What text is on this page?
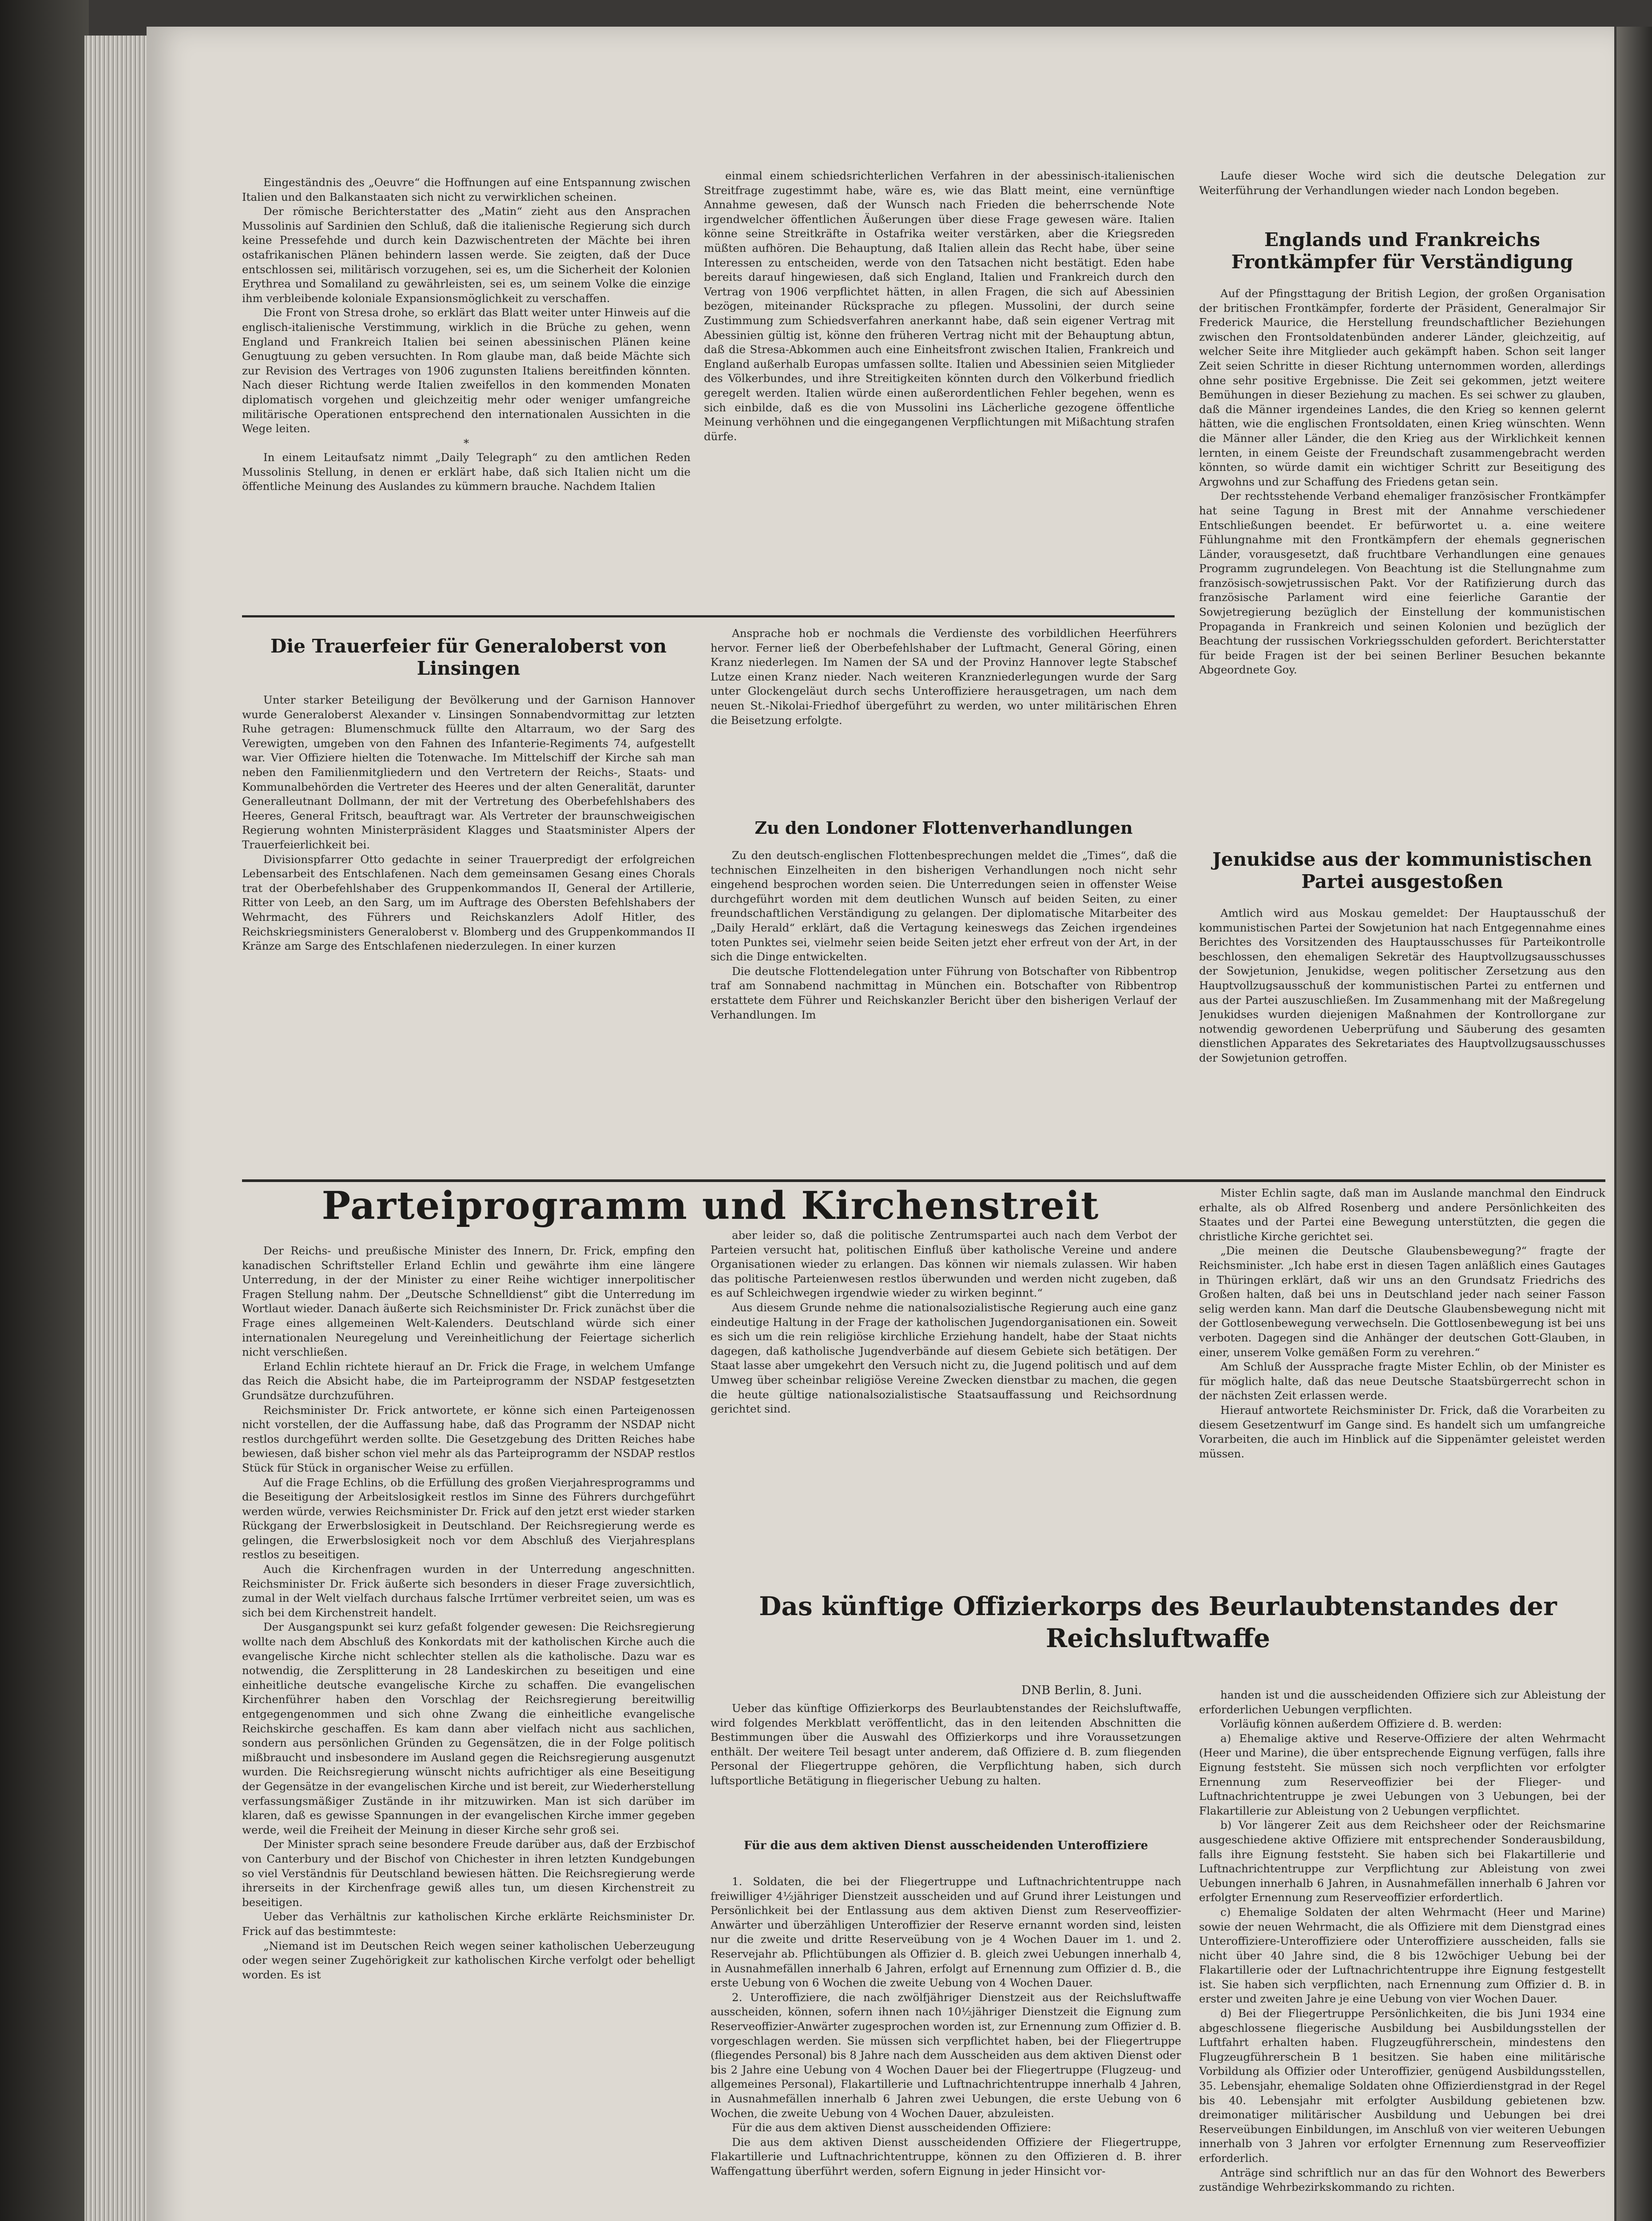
Eingeständnis des „Oeuvre“ die Hoffnungen auf eine Entspannung zwischen Italien und den Balkanstaaten sich nicht zu verwirklichen scheinen.

Der römische Berichterstatter des „Matin“ zieht aus den Ansprachen Mussolinis auf Sardinien den Schluß, daß die italienische Regierung sich durch keine Pressefehde und durch kein Dazwischentreten der Mächte bei ihren ostafrikanischen Plänen behindern lassen werde. Sie zeigten, daß der Duce entschlossen sei, militärisch vorzugehen, sei es, um die Sicherheit der Kolonien Erythrea und Somaliland zu gewährleisten, sei es, um seinem Volke die einzige ihm verbleibende koloniale Expansionsmöglichkeit zu verschaffen.

Die Front von Stresa drohe, so erklärt das Blatt weiter unter Hinweis auf die englisch-italienische Verstimmung, wirklich in die Brüche zu gehen, wenn England und Frankreich Italien bei seinen abessinischen Plänen keine Genugtuung zu geben versuchten. In Rom glaube man, daß beide Mächte sich zur Revision des Vertrages von 1906 zugunsten Italiens bereitfinden könnten. Nach dieser Richtung werde Italien zweifellos in den kommenden Monaten diplomatisch vorgehen und gleichzeitig mehr oder weniger umfangreiche militärische Operationen entsprechend den internationalen Aussichten in die Wege leiten.

*

In einem Leitaufsatz nimmt „Daily Telegraph“ zu den amtlichen Reden Mussolinis Stellung, in denen er erklärt habe, daß sich Italien nicht um die öffentliche Meinung des Auslandes zu kümmern brauche. Nachdem Italien

einmal einem schiedsrichterlichen Verfahren in der abessinisch-italienischen Streitfrage zugestimmt habe, wäre es, wie das Blatt meint, eine vernünftige Annahme gewesen, daß der Wunsch nach Frieden die beherrschende Note irgendwelcher öffentlichen Äußerungen über diese Frage gewesen wäre. Italien könne seine Streitkräfte in Ostafrika weiter verstärken, aber die Kriegsreden müßten aufhören. Die Behauptung, daß Italien allein das Recht habe, über seine Interessen zu entscheiden, werde von den Tatsachen nicht bestätigt. Eden habe bereits darauf hingewiesen, daß sich England, Italien und Frankreich durch den Vertrag von 1906 verpflichtet hätten, in allen Fragen, die sich auf Abessinien bezögen, miteinander Rücksprache zu pflegen. Mussolini, der durch seine Zustimmung zum Schiedsverfahren anerkannt habe, daß sein eigener Vertrag mit Abessinien gültig ist, könne den früheren Vertrag nicht mit der Behauptung abtun, daß die Stresa-Abkommen auch eine Einheitsfront zwischen Italien, Frankreich und England außerhalb Europas umfassen sollte. Italien und Abessinien seien Mitglieder des Völkerbundes, und ihre Streitigkeiten könnten durch den Völkerbund friedlich geregelt werden. Italien würde einen außerordentlichen Fehler begehen, wenn es sich einbilde, daß es die von Mussolini ins Lächerliche gezogene öffentliche Meinung verhöhnen und die eingegangenen Verpflichtungen mit Mißachtung strafen dürfe.

Laufe dieser Woche wird sich die deutsche Delegation zur Weiterführung der Verhandlungen wieder nach London begeben.

Englands und Frankreichs Frontkämpfer für Verständigung

Auf der Pfingsttagung der British Legion, der großen Organisation der britischen Frontkämpfer, forderte der Präsident, Generalmajor Sir Frederick Maurice, die Herstellung freundschaftlicher Beziehungen zwischen den Frontsoldatenbünden anderer Länder, gleichzeitig, auf welcher Seite ihre Mitglieder auch gekämpft haben. Schon seit langer Zeit seien Schritte in dieser Richtung unternommen worden, allerdings ohne sehr positive Ergebnisse. Die Zeit sei gekommen, jetzt weitere Bemühungen in dieser Beziehung zu machen. Es sei schwer zu glauben, daß die Männer irgendeines Landes, die den Krieg so kennen gelernt hätten, wie die englischen Frontsoldaten, einen Krieg wünschten. Wenn die Männer aller Länder, die den Krieg aus der Wirklichkeit kennen lernten, in einem Geiste der Freundschaft zusammengebracht werden könnten, so würde damit ein wichtiger Schritt zur Beseitigung des Argwohns und zur Schaffung des Friedens getan sein.

Der rechtsstehende Verband ehemaliger französischer Frontkämpfer hat seine Tagung in Brest mit der Annahme verschiedener Entschließungen beendet. Er befürwortet u. a. eine weitere Fühlungnahme mit den Frontkämpfern der ehemals gegnerischen Länder, vorausgesetzt, daß fruchtbare Verhandlungen eine genaues Programm zugrundelegen. Von Beachtung ist die Stellungnahme zum französisch-sowjetrussischen Pakt. Vor der Ratifizierung durch das französische Parlament wird eine feierliche Garantie der Sowjetregierung bezüglich der Einstellung der kommunistischen Propaganda in Frankreich und seinen Kolonien und bezüglich der Beachtung der russischen Vorkriegsschulden gefordert. Berichterstatter für beide Fragen ist der bei seinen Berliner Besuchen bekannte Abgeordnete Goy.

Jenukidse aus der kommunistischen Partei ausgestoßen

Amtlich wird aus Moskau gemeldet: Der Hauptausschuß der kommunistischen Partei der Sowjetunion hat nach Entgegennahme eines Berichtes des Vorsitzenden des Hauptausschusses für Parteikontrolle beschlossen, den ehemaligen Sekretär des Hauptvollzugsausschusses der Sowjetunion, Jenukidse, wegen politischer Zersetzung aus den Hauptvollzugsausschuß der kommunistischen Partei zu entfernen und aus der Partei auszuschließen. Im Zusammenhang mit der Maßregelung Jenukidses wurden diejenigen Maßnahmen der Kontrollorgane zur notwendig gewordenen Ueberprüfung und Säuberung des gesamten dienstlichen Apparates des Sekretariates des Hauptvollzugsausschusses der Sowjetunion getroffen.

Die Trauerfeier für Generaloberst von Linsingen

Unter starker Beteiligung der Bevölkerung und der Garnison Hannover wurde Generaloberst Alexander v. Linsingen Sonnabendvormittag zur letzten Ruhe getragen: Blumenschmuck füllte den Altarraum, wo der Sarg des Verewigten, umgeben von den Fahnen des Infanterie-Regiments 74, aufgestellt war. Vier Offiziere hielten die Totenwache. Im Mittelschiff der Kirche sah man neben den Familienmitgliedern und den Vertretern der Reichs-, Staats- und Kommunalbehörden die Vertreter des Heeres und der alten Generalität, darunter Generalleutnant Dollmann, der mit der Vertretung des Oberbefehlshabers des Heeres, General Fritsch, beauftragt war. Als Vertreter der braunschweigischen Regierung wohnten Ministerpräsident Klagges und Staatsminister Alpers der Trauerfeierlichkeit bei.

Divisionspfarrer Otto gedachte in seiner Trauerpredigt der erfolgreichen Lebensarbeit des Entschlafenen. Nach dem gemeinsamen Gesang eines Chorals trat der Oberbefehlshaber des Gruppenkommandos II, General der Artillerie, Ritter von Leeb, an den Sarg, um im Auftrage des Obersten Befehlshabers der Wehrmacht, des Führers und Reichskanzlers Adolf Hitler, des Reichskriegsministers Generaloberst v. Blomberg und des Gruppenkommandos II Kränze am Sarge des Entschlafenen niederzulegen. In einer kurzen

Ansprache hob er nochmals die Verdienste des vorbildlichen Heerführers hervor. Ferner ließ der Oberbefehlshaber der Luftmacht, General Göring, einen Kranz niederlegen. Im Namen der SA und der Provinz Hannover legte Stabschef Lutze einen Kranz nieder. Nach weiteren Kranzniederlegungen wurde der Sarg unter Glockengeläut durch sechs Unteroffiziere herausgetragen, um nach dem neuen St.-Nikolai-Friedhof übergeführt zu werden, wo unter militärischen Ehren die Beisetzung erfolgte.

Zu den Londoner Flottenverhandlungen

Zu den deutsch-englischen Flottenbesprechungen meldet die „Times“, daß die technischen Einzelheiten in den bisherigen Verhandlungen noch nicht sehr eingehend besprochen worden seien. Die Unterredungen seien in offenster Weise durchgeführt worden mit dem deutlichen Wunsch auf beiden Seiten, zu einer freundschaftlichen Verständigung zu gelangen. Der diplomatische Mitarbeiter des „Daily Herald“ erklärt, daß die Vertagung keineswegs das Zeichen irgendeines toten Punktes sei, vielmehr seien beide Seiten jetzt eher erfreut von der Art, in der sich die Dinge entwickelten.

Die deutsche Flottendelegation unter Führung von Botschafter von Ribbentrop traf am Sonnabend nachmittag in München ein. Botschafter von Ribbentrop erstattete dem Führer und Reichskanzler Bericht über den bisherigen Verlauf der Verhandlungen. Im

Parteiprogramm und Kirchenstreit

Der Reichs- und preußische Minister des Innern, Dr. Frick, empfing den kanadischen Schriftsteller Erland Echlin und gewährte ihm eine längere Unterredung, in der der Minister zu einer Reihe wichtiger innerpolitischer Fragen Stellung nahm. Der „Deutsche Schnelldienst“ gibt die Unterredung im Wortlaut wieder. Danach äußerte sich Reichsminister Dr. Frick zunächst über die Frage eines allgemeinen Welt-Kalenders. Deutschland würde sich einer internationalen Neuregelung und Vereinheitlichung der Feiertage sicherlich nicht verschließen.

Erland Echlin richtete hierauf an Dr. Frick die Frage, in welchem Umfange das Reich die Absicht habe, die im Parteiprogramm der NSDAP festgesetzten Grundsätze durchzuführen.

Reichsminister Dr. Frick antwortete, er könne sich einen Parteigenossen nicht vorstellen, der die Auffassung habe, daß das Programm der NSDAP nicht restlos durchgeführt werden sollte. Die Gesetzgebung des Dritten Reiches habe bewiesen, daß bisher schon viel mehr als das Parteiprogramm der NSDAP restlos Stück für Stück in organischer Weise zu erfüllen.

Auf die Frage Echlins, ob die Erfüllung des großen Vierjahresprogramms und die Beseitigung der Arbeitslosigkeit restlos im Sinne des Führers durchgeführt werden würde, verwies Reichsminister Dr. Frick auf den jetzt erst wieder starken Rückgang der Erwerbslosigkeit in Deutschland. Der Reichsregierung werde es gelingen, die Erwerbslosigkeit noch vor dem Abschluß des Vierjahresplans restlos zu beseitigen.

Auch die Kirchenfragen wurden in der Unterredung angeschnitten. Reichsminister Dr. Frick äußerte sich besonders in dieser Frage zuversichtlich, zumal in der Welt vielfach durchaus falsche Irrtümer verbreitet seien, um was es sich bei dem Kirchenstreit handelt.

Der Ausgangspunkt sei kurz gefaßt folgender gewesen: Die Reichsregierung wollte nach dem Abschluß des Konkordats mit der katholischen Kirche auch die evangelische Kirche nicht schlechter stellen als die katholische. Dazu war es notwendig, die Zersplitterung in 28 Landeskirchen zu beseitigen und eine einheitliche deutsche evangelische Kirche zu schaffen. Die evangelischen Kirchenführer haben den Vorschlag der Reichsregierung bereitwillig entgegengenommen und sich ohne Zwang die einheitliche evangelische Reichskirche geschaffen. Es kam dann aber vielfach nicht aus sachlichen, sondern aus persönlichen Gründen zu Gegensätzen, die in der Folge politisch mißbraucht und insbesondere im Ausland gegen die Reichsregierung ausgenutzt wurden. Die Reichsregierung wünscht nichts aufrichtiger als eine Beseitigung der Gegensätze in der evangelischen Kirche und ist bereit, zur Wiederherstellung verfassungsmäßiger Zustände in ihr mitzuwirken. Man ist sich darüber im klaren, daß es gewisse Spannungen in der evangelischen Kirche immer gegeben werde, weil die Freiheit der Meinung in dieser Kirche sehr groß sei.

Der Minister sprach seine besondere Freude darüber aus, daß der Erzbischof von Canterbury und der Bischof von Chichester in ihren letzten Kundgebungen so viel Verständnis für Deutschland bewiesen hätten. Die Reichsregierung werde ihrerseits in der Kirchenfrage gewiß alles tun, um diesen Kirchenstreit zu beseitigen.

Ueber das Verhältnis zur katholischen Kirche erklärte Reichsminister Dr. Frick auf das bestimmteste:

„Niemand ist im Deutschen Reich wegen seiner katholischen Ueberzeugung oder wegen seiner Zugehörigkeit zur katholischen Kirche verfolgt oder behelligt worden. Es ist

aber leider so, daß die politische Zentrumspartei auch nach dem Verbot der Parteien versucht hat, politischen Einfluß über katholische Vereine und andere Organisationen wieder zu erlangen. Das können wir niemals zulassen. Wir haben das politische Parteienwesen restlos überwunden und werden nicht zugeben, daß es auf Schleichwegen irgendwie wieder zu wirken beginnt.“

Aus diesem Grunde nehme die nationalsozialistische Regierung auch eine ganz eindeutige Haltung in der Frage der katholischen Jugendorganisationen ein. Soweit es sich um die rein religiöse kirchliche Erziehung handelt, habe der Staat nichts dagegen, daß katholische Jugendverbände auf diesem Gebiete sich betätigen. Der Staat lasse aber umgekehrt den Versuch nicht zu, die Jugend politisch und auf dem Umweg über scheinbar religiöse Vereine Zwecken dienstbar zu machen, die gegen die heute gültige nationalsozialistische Staatsauffassung und Reichsordnung gerichtet sind.

Mister Echlin sagte, daß man im Auslande manchmal den Eindruck erhalte, als ob Alfred Rosenberg und andere Persönlichkeiten des Staates und der Partei eine Bewegung unterstützten, die gegen die christliche Kirche gerichtet sei.

„Die meinen die Deutsche Glaubensbewegung?“ fragte der Reichsminister. „Ich habe erst in diesen Tagen anläßlich eines Gautages in Thüringen erklärt, daß wir uns an den Grundsatz Friedrichs des Großen halten, daß bei uns in Deutschland jeder nach seiner Fasson selig werden kann. Man darf die Deutsche Glaubensbewegung nicht mit der Gottlosenbewegung verwechseln. Die Gottlosenbewegung ist bei uns verboten. Dagegen sind die Anhänger der deutschen Gott-Glauben, in einer, unserem Volke gemäßen Form zu verehren.“

Am Schluß der Aussprache fragte Mister Echlin, ob der Minister es für möglich halte, daß das neue Deutsche Staatsbürgerrecht schon in der nächsten Zeit erlassen werde.

Hierauf antwortete Reichsminister Dr. Frick, daß die Vorarbeiten zu diesem Gesetzentwurf im Gange sind. Es handelt sich um umfangreiche Vorarbeiten, die auch im Hinblick auf die Sippenämter geleistet werden müssen.

Das künftige Offizierkorps des Beurlaubtenstandes der Reichsluftwaffe
DNB Berlin, 8. Juni.

Ueber das künftige Offizierkorps des Beurlaubtenstandes der Reichsluftwaffe, wird folgendes Merkblatt veröffentlicht, das in den leitenden Abschnitten die Bestimmungen über die Auswahl des Offizierkorps und ihre Voraussetzungen enthält. Der weitere Teil besagt unter anderem, daß Offiziere d. B. zum fliegenden Personal der Fliegertruppe gehören, die Verpflichtung haben, sich durch luftsportliche Betätigung in fliegerischer Uebung zu halten.

Für die aus dem aktiven Dienst ausscheidenden Unteroffiziere

1. Soldaten, die bei der Fliegertruppe und Luftnachrichtentruppe nach freiwilliger 4½jähriger Dienstzeit ausscheiden und auf Grund ihrer Leistungen und Persönlichkeit bei der Entlassung aus dem aktiven Dienst zum Reserveoffizier-Anwärter und überzähligen Unteroffizier der Reserve ernannt worden sind, leisten nur die zweite und dritte Reserveübung von je 4 Wochen Dauer im 1. und 2. Reservejahr ab. Pflichtübungen als Offizier d. B. gleich zwei Uebungen innerhalb 4, in Ausnahmefällen innerhalb 6 Jahren, erfolgt auf Ernennung zum Offizier d. B., die erste Uebung von 6 Wochen die zweite Uebung von 4 Wochen Dauer.

2. Unteroffiziere, die nach zwölfjähriger Dienstzeit aus der Reichsluftwaffe ausscheiden, können, sofern ihnen nach 10½jähriger Dienstzeit die Eignung zum Reserveoffizier-Anwärter zugesprochen worden ist, zur Ernennung zum Offizier d. B. vorgeschlagen werden. Sie müssen sich verpflichtet haben, bei der Fliegertruppe (fliegendes Personal) bis 8 Jahre nach dem Ausscheiden aus dem aktiven Dienst oder bis 2 Jahre eine Uebung von 4 Wochen Dauer bei der Fliegertruppe (Flugzeug- und allgemeines Personal), Flakartillerie und Luftnachrichtentruppe innerhalb 4 Jahren, in Ausnahmefällen innerhalb 6 Jahren zwei Uebungen, die erste Uebung von 6 Wochen, die zweite Uebung von 4 Wochen Dauer, abzuleisten.

Für die aus dem aktiven Dienst ausscheidenden Offiziere:

Die aus dem aktiven Dienst ausscheidenden Offiziere der Fliegertruppe, Flakartillerie und Luftnachrichtentruppe, können zu den Offizieren d. B. ihrer Waffengattung überführt werden, sofern Eignung in jeder Hinsicht vor-

handen ist und die ausscheidenden Offiziere sich zur Ableistung der erforderlichen Uebungen verpflichten.

Vorläufig können außerdem Offiziere d. B. werden:

a) Ehemalige aktive und Reserve-Offiziere der alten Wehrmacht (Heer und Marine), die über entsprechende Eignung verfügen, falls ihre Eignung feststeht. Sie müssen sich noch verpflichten vor erfolgter Ernennung zum Reserveoffizier bei der Flieger- und Luftnachrichtentruppe je zwei Uebungen von 3 Uebungen, bei der Flakartillerie zur Ableistung von 2 Uebungen verpflichtet.

b) Vor längerer Zeit aus dem Reichsheer oder der Reichsmarine ausgeschiedene aktive Offiziere mit entsprechender Sonderausbildung, falls ihre Eignung feststeht. Sie haben sich bei Flakartillerie und Luftnachrichtentruppe zur Verpflichtung zur Ableistung von zwei Uebungen innerhalb 6 Jahren, in Ausnahmefällen innerhalb 6 Jahren vor erfolgter Ernennung zum Reserveoffizier erfordertlich.

c) Ehemalige Soldaten der alten Wehrmacht (Heer und Marine) sowie der neuen Wehrmacht, die als Offiziere mit dem Dienstgrad eines Unteroffiziere-Unteroffiziere oder Unteroffiziere ausscheiden, falls sie nicht über 40 Jahre sind, die 8 bis 12wöchiger Uebung bei der Flakartillerie oder der Luftnachrichtentruppe ihre Eignung festgestellt ist. Sie haben sich verpflichten, nach Ernennung zum Offizier d. B. in erster und zweiten Jahre je eine Uebung von vier Wochen Dauer.

d) Bei der Fliegertruppe Persönlichkeiten, die bis Juni 1934 eine abgeschlossene fliegerische Ausbildung bei Ausbildungsstellen der Luftfahrt erhalten haben. Flugzeugführerschein, mindestens den Flugzeugführerschein B 1 besitzen. Sie haben eine militärische Vorbildung als Offizier oder Unteroffizier, genügend Ausbildungsstellen, 35. Lebensjahr, ehemalige Soldaten ohne Offizierdienstgrad in der Regel bis 40. Lebensjahr mit erfolgter Ausbildung gebietenen bzw. dreimonatiger militärischer Ausbildung und Uebungen bei drei Reserveübungen Einbildungen, im Anschluß von vier weiteren Uebungen innerhalb von 3 Jahren vor erfolgter Ernennung zum Reserveoffizier erforderlich.

Anträge sind schriftlich nur an das für den Wohnort des Bewerbers zuständige Wehrbezirkskommando zu richten.
